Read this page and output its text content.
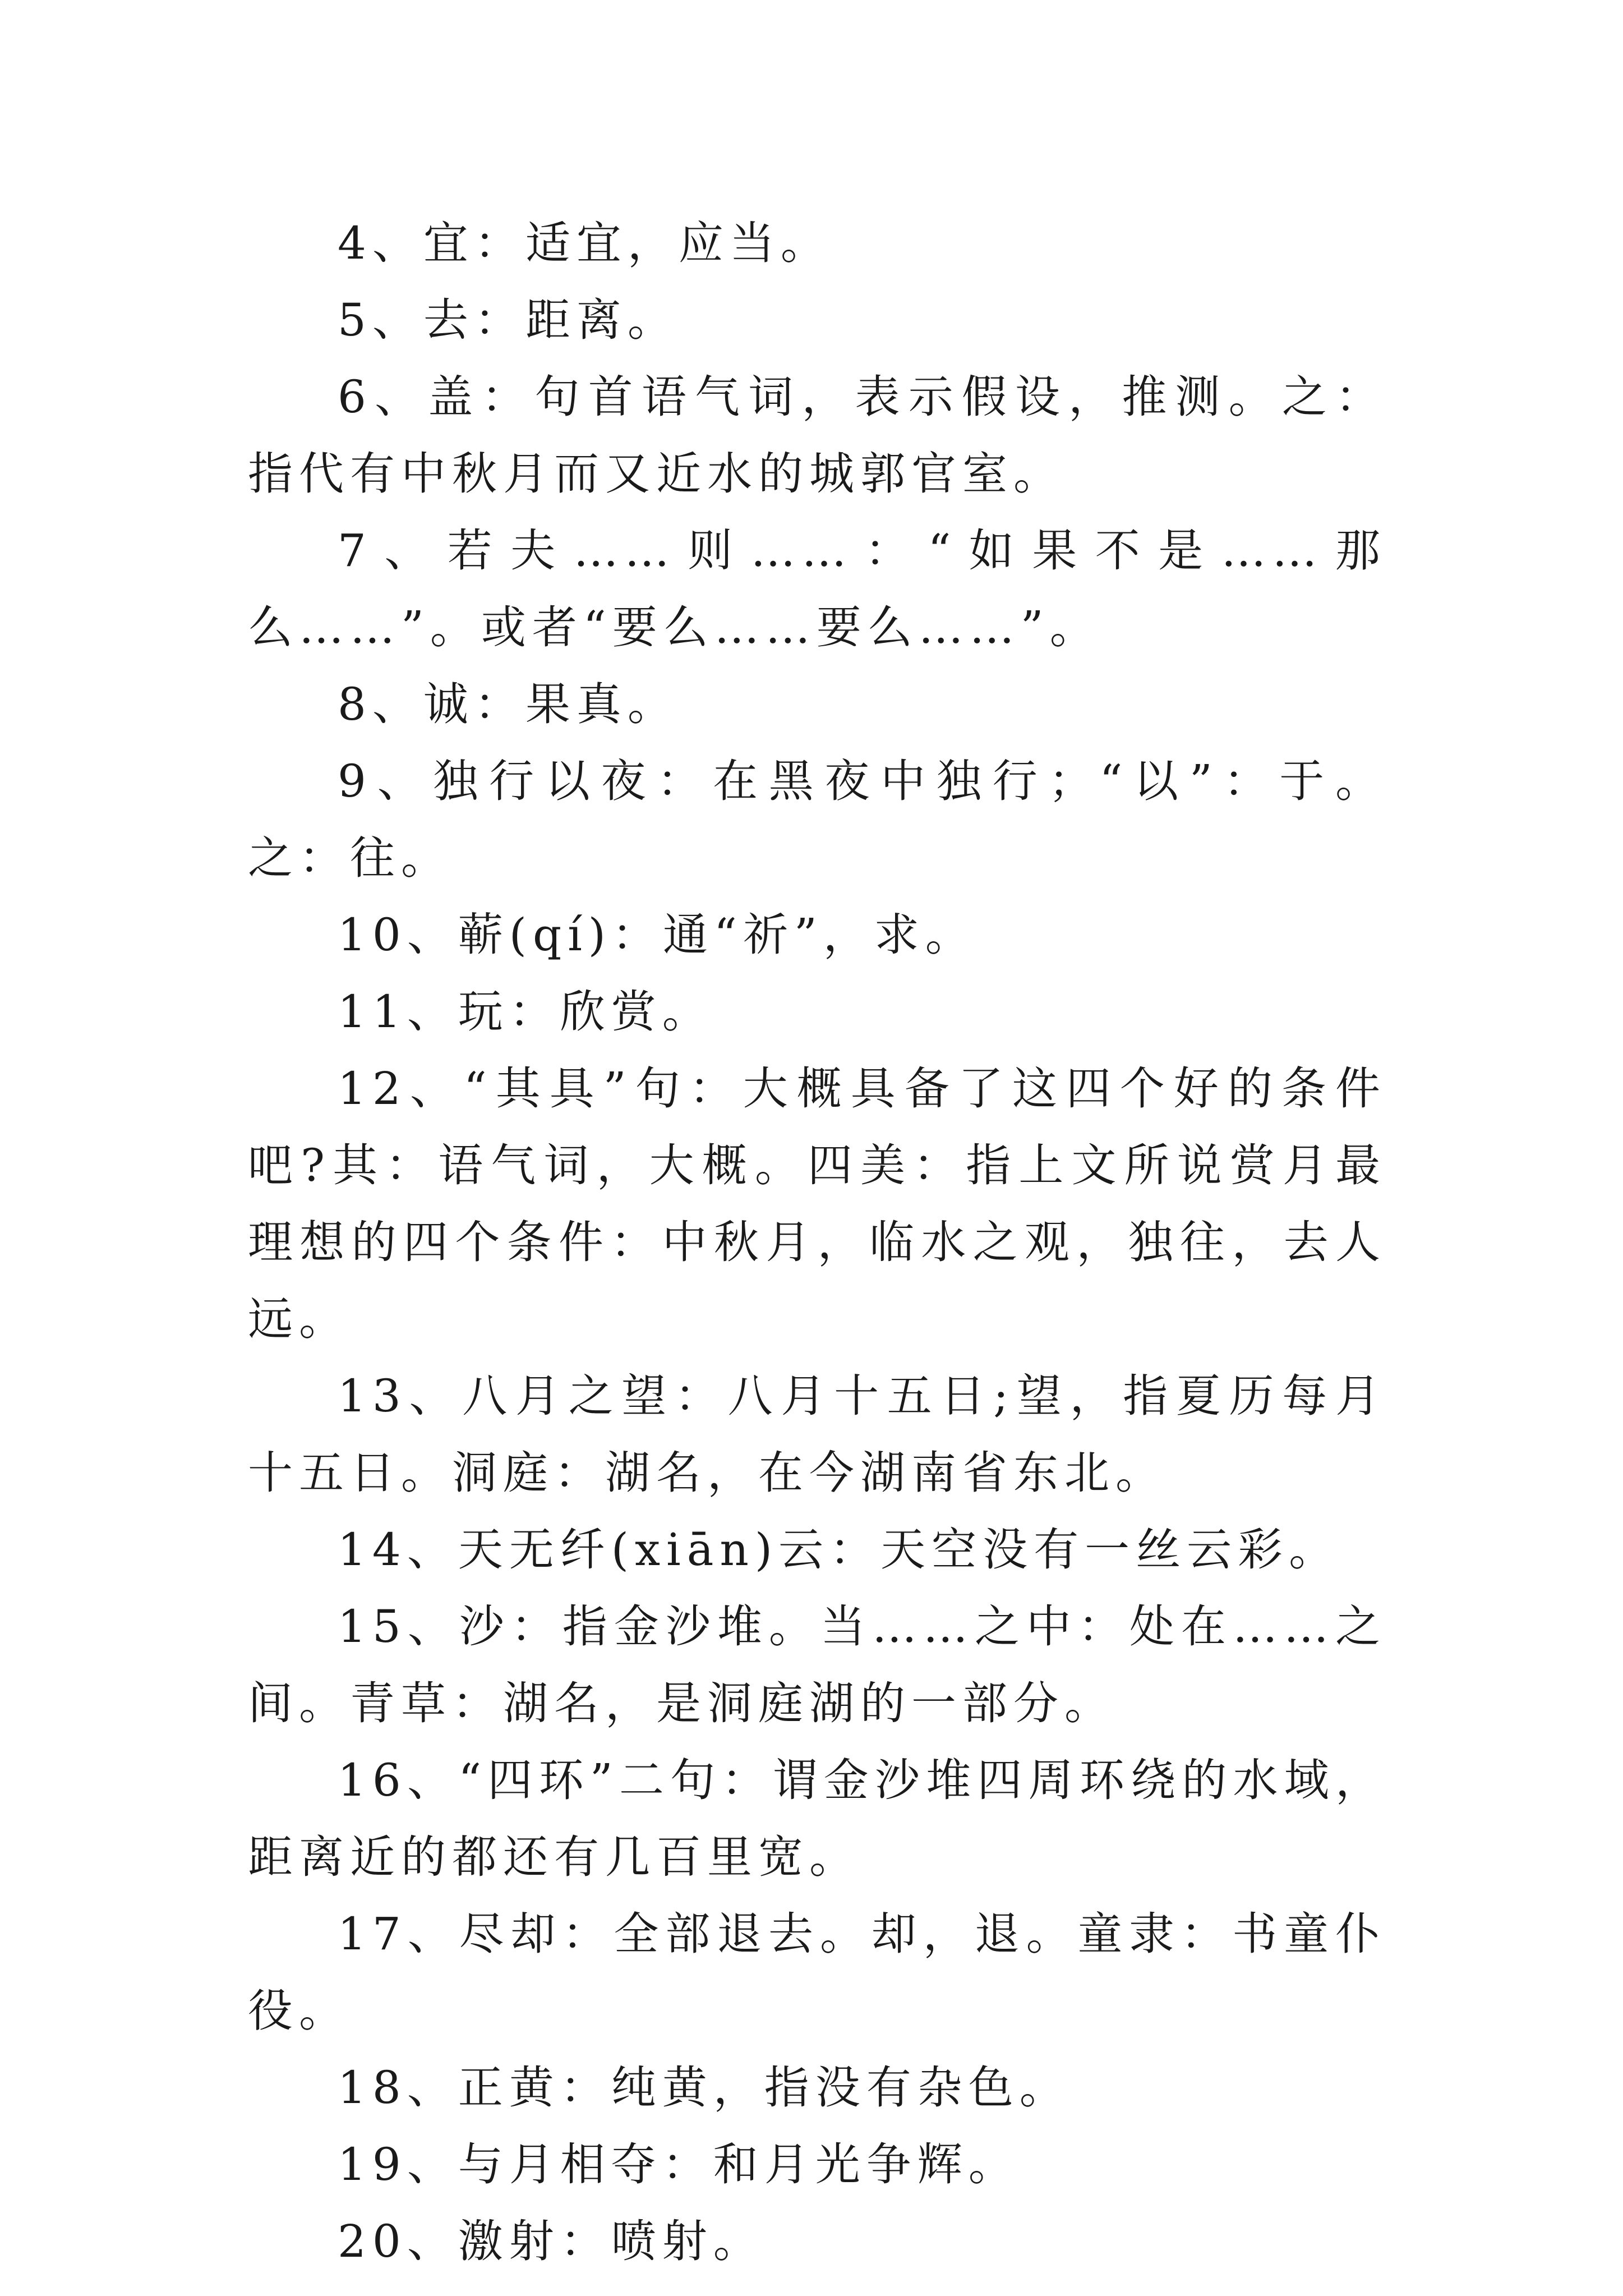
4、宜：适宜，应当。

5、去：距离。

6、盖：句首语气词，表示假设，推测。之：指代有中秋月而又近水的城郭官室。

7、若夫……则……：“如果不是……那么……”。或者“要么……要么……”。

8、诚：果真。

9、独行以夜：在黑夜中独行；“以”：于。之：往。

10、蕲(qí)：通“祈”，求。

11、玩：欣赏。

12、“其具”句：大概具备了这四个好的条件吧?其：语气词，大概。四美：指上文所说赏月最理想的四个条件：中秋月，临水之观，独往，去人远。

13、八月之望：八月十五日;望，指夏历每月十五日。洞庭：湖名，在今湖南省东北。

14、天无纤(xiān)云：天空没有一丝云彩。

15、沙：指金沙堆。当……之中：处在……之间。青草：湖名，是洞庭湖的一部分。

16、“四环”二句：谓金沙堆四周环绕的水域，距离近的都还有几百里宽。

17、尽却：全部退去。却，退。童隶：书童仆役。

18、正黄：纯黄，指没有杂色。

19、与月相夺：和月光争辉。

20、激射：喷射。
